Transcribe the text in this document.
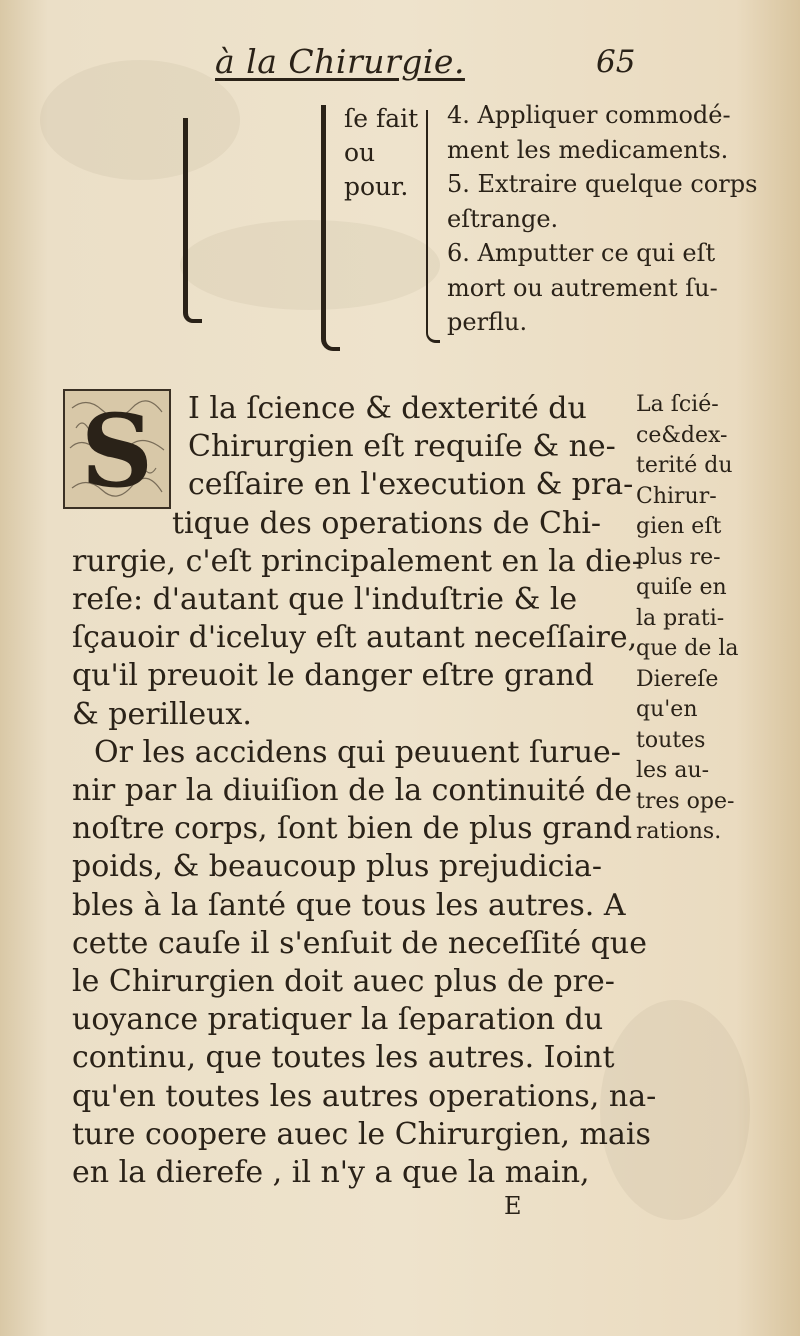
à la Chirurgie.	65
ſe fait
ou
pour.
4. Appliquer commodé-
ment les medicaments.
5. Extraire quelque corps
eſtrange.
6. Amputter ce qui eſt
mort ou autrement ſu-
perflu.
S	I la ſcience & dexterité du
Chirurgien eſt requiſe & ne-
ceſſaire en l'execution & pra-
tique des operations de Chi-
rurgie, c'eſt principalement en la die-
reſe: d'autant que l'induſtrie & le
ſçauoir d'iceluy eſt autant neceſſaire,
qu'il preuoit le danger eſtre grand
& perilleux.
Or les accidens qui peuuent ſurue-
nir par la diuiſion de la continuité de
noſtre corps, ſont bien de plus grand
poids, & beaucoup plus prejudicia-
bles à la ſanté que tous les autres. A
cette cauſe il s'enſuit de neceſſité que
le Chirurgien doit auec plus de pre-
uoyance pratiquer la ſeparation du
continu, que toutes les autres. Ioint
qu'en toutes les autres operations, na-
ture coopere auec le Chirurgien, mais
en la dierefe , il n'y a que la main,
La ſcié-
ce&dex-
terité du
Chirur-
gien eſt
plus re-
quiſe en
la prati-
que de la
Diereſe
qu'en
toutes
les au-
tres ope-
rations.
E
